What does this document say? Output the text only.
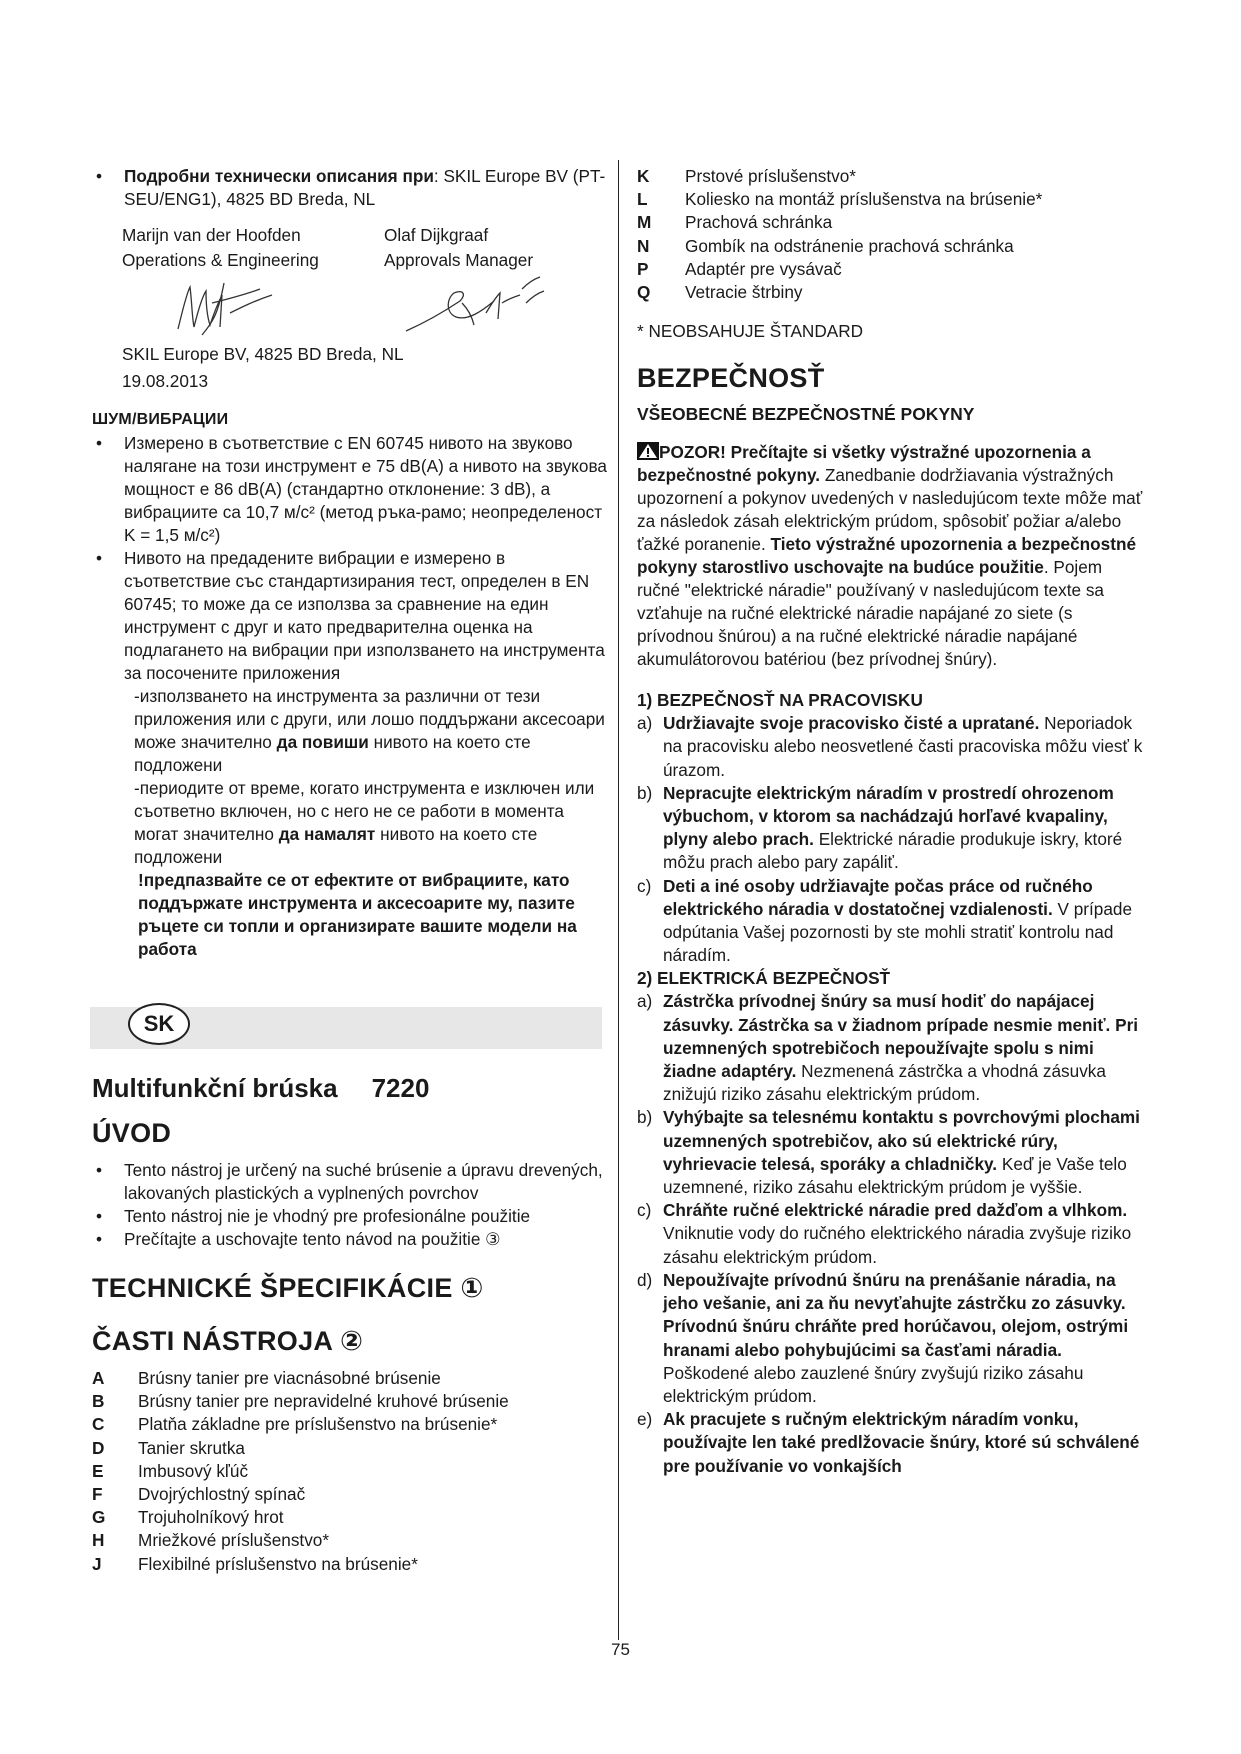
• Подробни технически описания при: SKIL Europe BV (PT-SEU/ENG1), 4825 BD Breda, NL
Marijn van der Hoofden
Operations & Engineering
Olaf Dijkgraaf
Approvals Manager
SKIL Europe BV, 4825 BD Breda, NL
19.08.2013
ШУМ/ВИБРАЦИИ
• Измерено в съответствие с EN 60745 нивото на звуково налягане на този инструмент е 75 dB(A) а нивото на звукова мощност е 86 dB(A) (стандартно отклонение: 3 dB), а вибрациите са 10,7 м/с² (метод ръка-рамо; неопределеност K = 1,5 м/с²)
• Нивото на предадените вибрации е измерено в съответствие със стандартизирания тест, определен в EN 60745; то може да се използва за сравнение на един инструмент с друг и като предварителна оценка на подлагането на вибрации при използването на инструмента за посочените приложения
-използването на инструмента за различни от тези приложения или с други, или лошо поддържани аксесоари може значително да повиши нивото на което сте подложени
-периодите от време, когато инструмента е изключен или съответно включен, но с него не се работи в момента могат значително да намалят нивото на което сте подложени
!предпазвайте се от ефектите от вибрациите, като поддържате инструмента и аксесоарите му, пазите ръцете си топли и организирате вашите модели на работа
SK
Multifunkční brúska 7220
ÚVOD
• Tento nástroj je určený na suché brúsenie a úpravu drevených, lakovaných plastických a vyplnených povrchov
• Tento nástroj nie je vhodný pre profesionálne použitie
• Prečítajte a uschovajte tento návod na použitie ③
TECHNICKÉ ŠPECIFIKÁCIE ①
ČASTI NÁSTROJA ②
A	Brúsny tanier pre viacnásobné brúsenie
B	Brúsny tanier pre nepravidelné kruhové brúsenie
C	Platňa základne pre príslušenstvo na brúsenie*
D	Tanier skrutka
E	Imbusový kľúč
F	Dvojrýchlostný spínač
G	Trojuholníkový hrot
H	Mriežkové príslušenstvo*
J	Flexibilné príslušenstvo na brúsenie*
K	Prstové príslušenstvo*
L	Koliesko na montáž príslušenstva na brúsenie*
M	Prachová schránka
N	Gombík na odstránenie prachová schránka
P	Adaptér pre vysávač
Q	Vetracie štrbiny
* NEOBSAHUJE ŠTANDARD
BEZPEČNOSŤ
VŠEOBECNÉ BEZPEČNOSTNÉ POKYNY
POZOR! Prečítajte si všetky výstražné upozornenia a bezpečnostné pokyny. Zanedbanie dodržiavania výstražných upozornení a pokynov uvedených v nasledujúcom texte môže mať za následok zásah elektrickým prúdom, spôsobiť požiar a/alebo ťažké poranenie. Tieto výstražné upozornenia a bezpečnostné pokyny starostlivo uschovajte na budúce použitie. Pojem ručné "elektrické náradie" používaný v nasledujúcom texte sa vzťahuje na ručné elektrické náradie napájané zo siete (s prívodnou šnúrou) a na ručné elektrické náradie napájané akumulátorovou batériou (bez prívodnej šnúry).
1) BEZPEČNOSŤ NA PRACOVISKU
a) Udržiavajte svoje pracovisko čisté a upratané. Neporiadok na pracovisku alebo neosvetlené časti pracoviska môžu viesť k úrazom.
b) Nepracujte elektrickým náradím v prostredí ohrozenom výbuchom, v ktorom sa nachádzajú horľavé kvapaliny, plyny alebo prach. Elektrické náradie produkuje iskry, ktoré môžu prach alebo pary zapáliť.
c) Deti a iné osoby udržiavajte počas práce od ručného elektrického náradia v dostatočnej vzdialenosti. V prípade odpútania Vašej pozornosti by ste mohli stratiť kontrolu nad náradím.
2) ELEKTRICKÁ BEZPEČNOSŤ
a) Zástrčka prívodnej šnúry sa musí hodiť do napájacej zásuvky. Zástrčka sa v žiadnom prípade nesmie meniť. Pri uzemnených spotrebičoch nepoužívajte spolu s nimi žiadne adaptéry. Nezmenená zástrčka a vhodná zásuvka znižujú riziko zásahu elektrickým prúdom.
b) Vyhýbajte sa telesnému kontaktu s povrchovými plochami uzemnených spotrebičov, ako sú elektrické rúry, vyhrievacie telesá, sporáky a chladničky. Keď je Vaše telo uzemnené, riziko zásahu elektrickým prúdom je vyššie.
c) Chráňte ručné elektrické náradie pred dažďom a vlhkom. Vniknutie vody do ručného elektrického náradia zvyšuje riziko zásahu elektrickým prúdom.
d) Nepoužívajte prívodnú šnúru na prenášanie náradia, na jeho vešanie, ani za ňu nevyťahujte zástrčku zo zásuvky. Prívodnú šnúru chráňte pred horúčavou, olejom, ostrými hranami alebo pohybujúcimi sa časťami náradia. Poškodené alebo zauzlené šnúry zvyšujú riziko zásahu elektrickým prúdom.
e) Ak pracujete s ručným elektrickým náradím vonku, používajte len také predlžovacie šnúry, ktoré sú schválené pre používanie vo vonkajších
75
